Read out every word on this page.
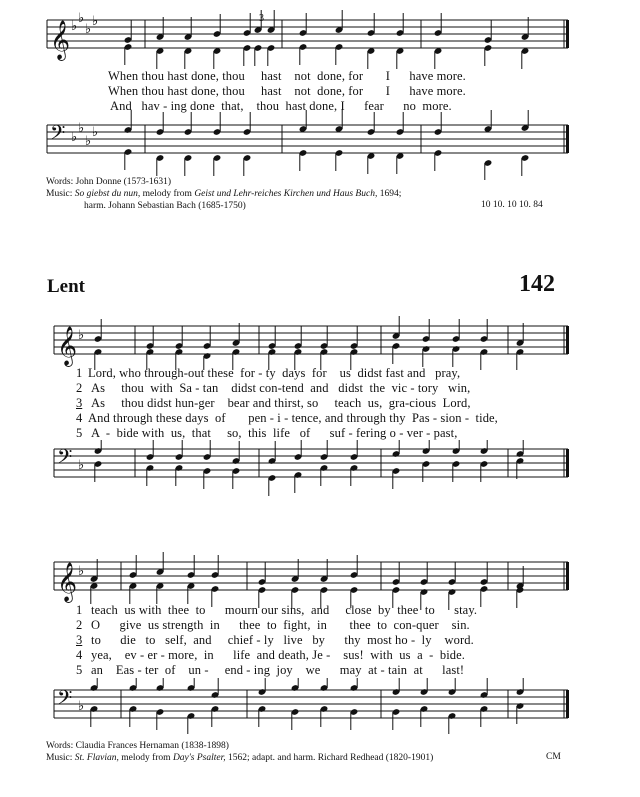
𝄞 ♭
♭
♭
♭
𝄢 ♭
♭
♭
♭
When thou hast done, thou     hast    not  done, for       I      have more.
When thou hast done, thou     hast    not  done, for       I      have more.
And   hav - ing done  that,    thou  hast done, I      fear      no  more.
3
Words: John Donne (1573-1631)
Music: So giebst du nun, melody from Geist und Lehr-reiches Kirchen und Haus Buch, 1694;
harm. Johann Sebastian Bach (1685-1750)	10 10. 10 10. 84
Lent	142
𝄞 ♭
𝄢 ♭
1 Lord, who through-out these  for - ty  days  for    us  didst fast and   pray,
2 As     thou  with  Sa - tan    didst con-tend  and   didst  the  vic - tory   win,
3 As     thou didst hun-ger    bear and thirst, so     teach  us,  gra-cious  Lord,
4 And through these days  of       pen - i - tence, and through thy  Pas - sion -  tide,
5 A  -  bide with  us,  that     so,  this  life   of      suf - fering o - ver - past,
𝄞 ♭
𝄢 ♭
1 teach  us with  thee  to      mourn our sins,  and     close  by  thee  to      stay.
2 O      give  us strength  in      thee  to  fight,  in       thee  to  con-quer    sin.
3 to      die   to   self,  and     chief - ly   live   by      thy  most ho -  ly    word.
4 yea,    ev - er - more,  in      life  and death, Je -    sus!  with  us  a  -  bide.
5 an    Eas - ter  of    un -     end - ing  joy    we      may  at - tain  at      last!
Words: Claudia Frances Hernaman (1838-1898)
Music: St. Flavian, melody from Day's Psalter, 1562; adapt. and harm. Richard Redhead (1820-1901)	CM
